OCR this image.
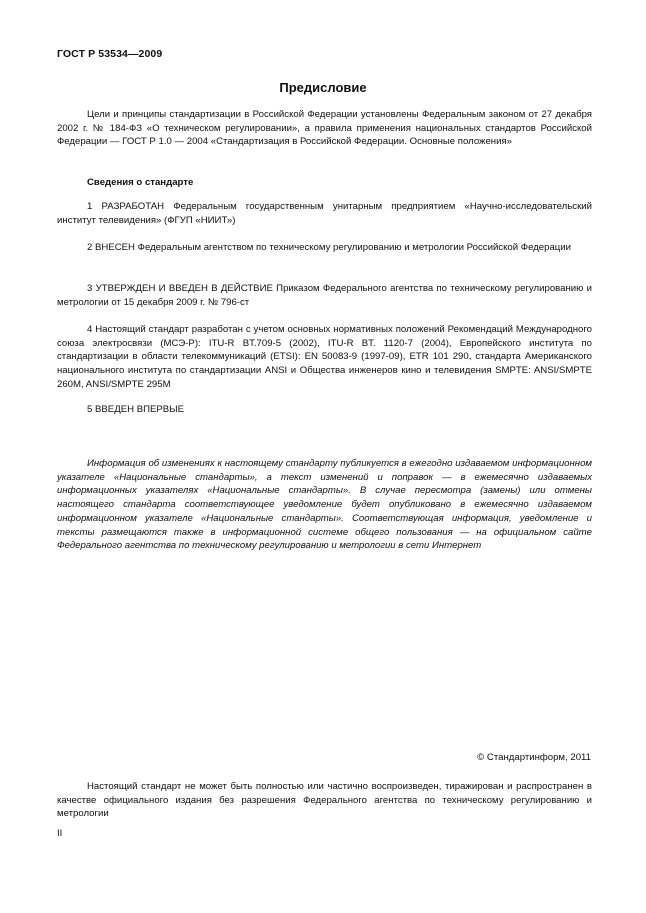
ГОСТ Р 53534—2009
Предисловие
Цели и принципы стандартизации в Российской Федерации установлены Федеральным законом от 27 декабря 2002 г. № 184-ФЗ «О техническом регулировании», а правила применения национальных стандартов Российской Федерации — ГОСТ Р 1.0 — 2004 «Стандартизация в Российской Федерации. Основные положения»
Сведения о стандарте
1 РАЗРАБОТАН Федеральным государственным унитарным предприятием «Научно-исследовательский институт телевидения» (ФГУП «НИИТ»)
2 ВНЕСЕН Федеральным агентством по техническому регулированию и метрологии Российской Федерации
3 УТВЕРЖДЕН И ВВЕДЕН В ДЕЙСТВИЕ Приказом Федерального агентства по техническому регулированию и метрологии от 15 декабря 2009 г. № 796-ст
4 Настоящий стандарт разработан с учетом основных нормативных положений Рекомендаций Международного союза электросвязи (МСЭ-Р): ITU-R BT.709-5 (2002), ITU-R BT. 1120-7 (2004), Европейского института по стандартизации в области телекоммуникаций (ETSI): EN 50083-9 (1997-09), ETR 101 290, стандарта Американского национального института по стандартизации ANSI и Общества инженеров кино и телевидения SMPTE: ANSI/SMPTE 260M, ANSI/SMPTE 295M
5 ВВЕДЕН ВПЕРВЫЕ
Информация об изменениях к настоящему стандарту публикуется в ежегодно издаваемом информационном указателе «Национальные стандарты», а текст изменений и поправок — в ежемесячно издаваемых информационных указателях «Национальные стандарты». В случае пересмотра (замены) или отмены настоящего стандарта соответствующее уведомление будет опубликовано в ежемесячно издаваемом информационном указателе «Национальные стандарты». Соответствующая информация, уведомление и тексты размещаются также в информационной системе общего пользования — на официальном сайте Федерального агентства по техническому регулированию и метрологии в сети Интернет
© Стандартинформ, 2011
Настоящий стандарт не может быть полностью или частично воспроизведен, тиражирован и распространен в качестве официального издания без разрешения Федерального агентства по техническому регулированию и метрологии
II
